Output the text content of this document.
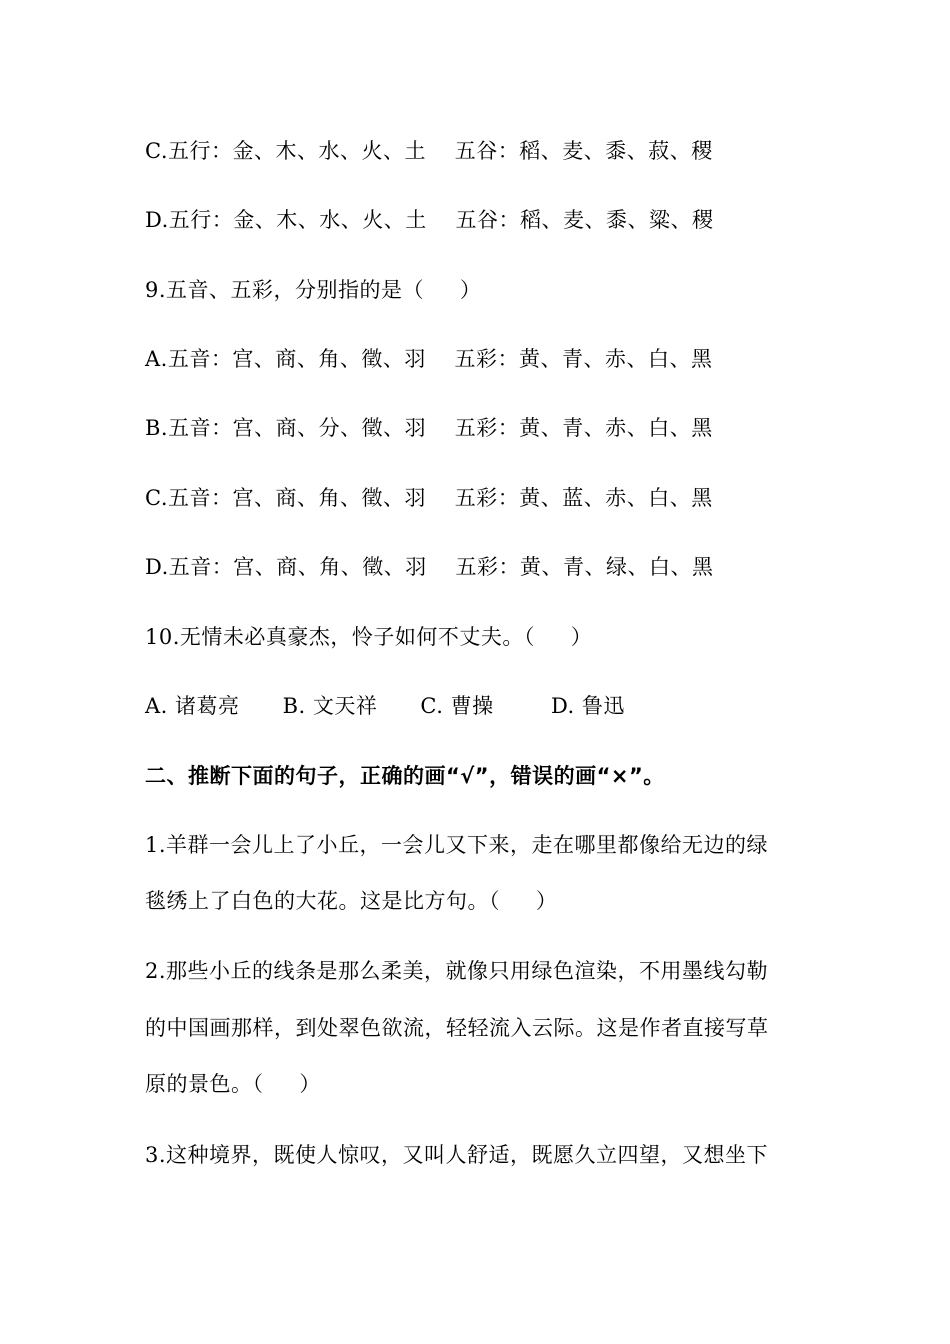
C.五行：金、木、水、火、土    五谷：稻、麦、黍、菽、稷
D.五行：金、木、水、火、土    五谷：稻、麦、黍、粱、稷
9.五音、五彩，分别指的是（     ）
A.五音：宫、商、角、徵、羽    五彩：黄、青、赤、白、黑
B.五音：宫、商、分、徵、羽    五彩：黄、青、赤、白、黑
C.五音：宫、商、角、徵、羽    五彩：黄、蓝、赤、白、黑
D.五音：宫、商、角、徵、羽    五彩：黄、青、绿、白、黑
10.无情未必真豪杰，怜子如何不丈夫。（     ）
A. 诸葛亮      B. 文天祥      C. 曹操        D. 鲁迅
二、推断下面的句子，正确的画“√”，错误的画“×”。
1.羊群一会儿上了小丘，一会儿又下来，走在哪里都像给无边的绿
毯绣上了白色的大花。这是比方句。（     ）
2.那些小丘的线条是那么柔美，就像只用绿色渲染，不用墨线勾勒
的中国画那样，到处翠色欲流，轻轻流入云际。这是作者直接写草
原的景色。（     ）
3.这种境界，既使人惊叹，又叫人舒适，既愿久立四望，又想坐下
